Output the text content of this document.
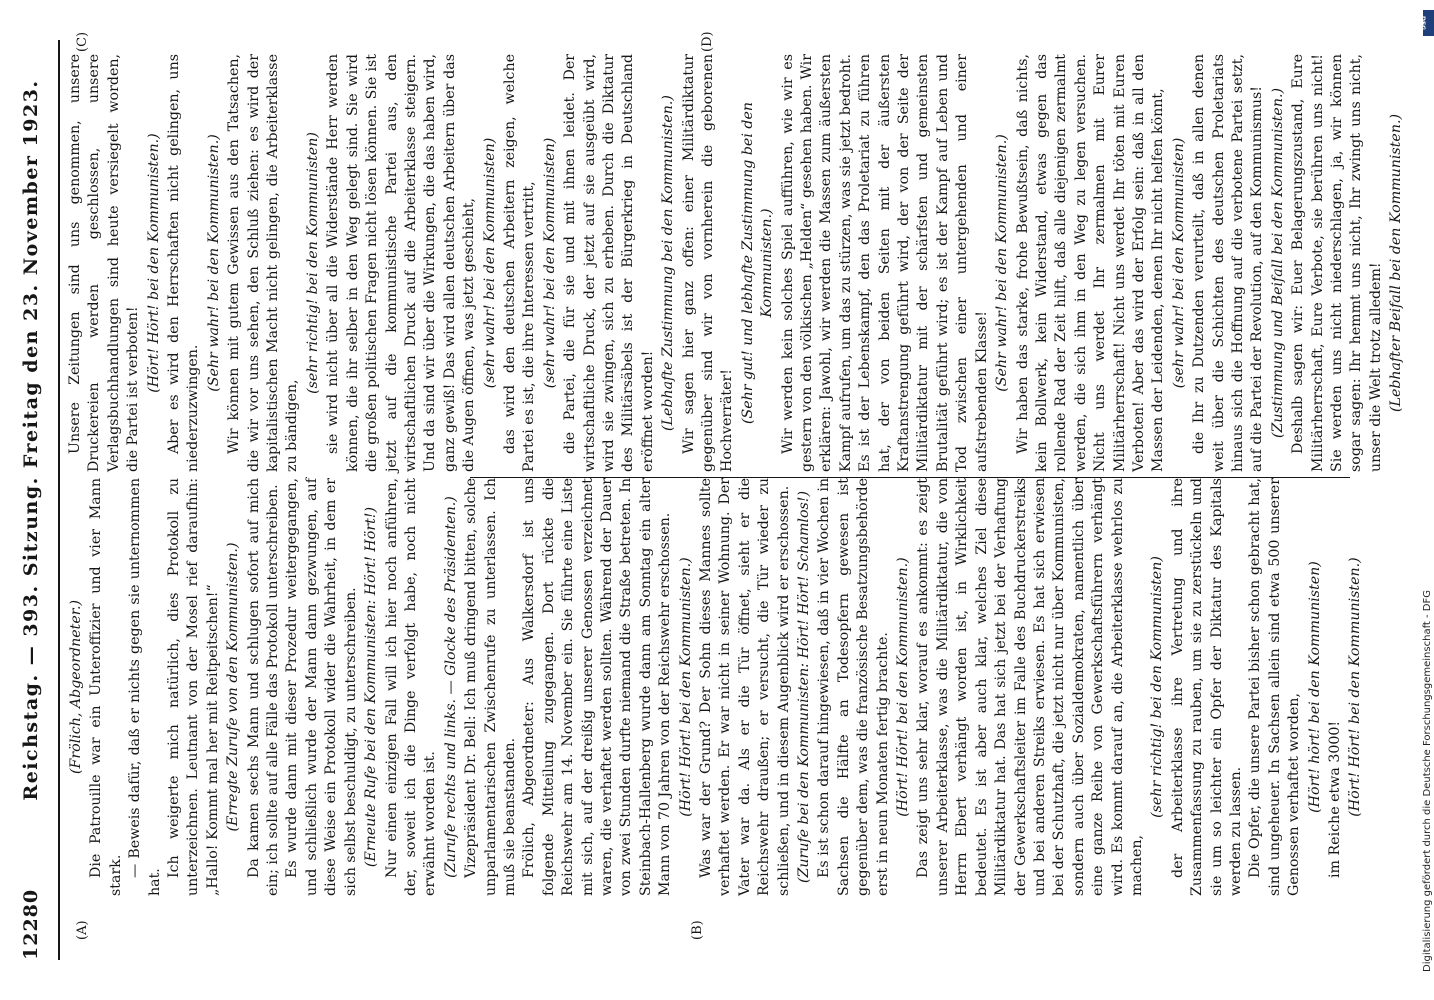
12280
Reichstag. — 393. Sitzung. Freitag den 23. November 1923.
(A)	(B)
(C)	(D)

(Frölich, Abgeordneter.) Die Patrouille war ein Unteroffizier und vier Mann stark. — Beweis dafür, daß er nichts gegen sie unternommen hat.

Ich weigerte mich natürlich, dies Protokoll zu unterzeichnen. Leutnant von der Mosel rief daraufhin: „Hallo! Kommt mal her mit Reitpeitschen!“ (Erregte Zurufe von den Kommunisten.) Da kamen sechs Mann und schlugen sofort auf mich ein; ich sollte auf alle Fälle das Protokoll unterschreiben. Es wurde dann mit dieser Prozedur weitergegangen, und schließlich wurde der Mann dann gezwungen, auf diese Weise ein Protokoll wider die Wahrheit, in dem er sich selbst beschuldigt, zu unterschreiben. (Erneute Rufe bei den Kommunisten: Hört! Hört!) Nur einen einzigen Fall will ich hier noch anführen, der, soweit ich die Dinge verfolgt habe, noch nicht erwähnt worden ist. (Zurufe rechts und links. — Glocke des Präsidenten.) Vizepräsident Dr. Bell: Ich muß dringend bitten, solche unparlamentarischen Zwischenrufe zu unterlassen. Ich muß sie beanstanden. Frölich, Abgeordneter: Aus Walkersdorf ist uns folgende Mitteilung zugegangen. Dort rückte die Reichswehr am 14. November ein. Sie führte eine Liste mit sich, auf der dreißig unserer Genossen verzeichnet waren, die verhaftet werden sollten. Während der Dauer von zwei Stunden durfte niemand die Straße betreten. In Steinbach-Hallenberg wurde dann am Sonntag ein alter Mann von 70 Jahren von der Reichswehr erschossen. (Hört! Hört! bei den Kommunisten.) Was war der Grund? Der Sohn dieses Mannes sollte verhaftet werden. Er war nicht in seiner Wohnung. Der Vater war da. Als er die Tür öffnet, sieht er die Reichswehr draußen; er versucht, die Tür wieder zu schließen, und in diesem Augenblick wird er erschossen. (Zurufe bei den Kommunisten: Hört! Hört! Schamlos!) Es ist schon darauf hingewiesen, daß in vier Wochen in Sachsen die Hälfte an Todesopfern gewesen ist gegenüber dem, was die französische Besatzungsbehörde erst in neun Monaten fertig brachte. (Hört! Hört! bei den Kommunisten.) Das zeigt uns sehr klar, worauf es ankommt: es zeigt unserer Arbeiterklasse, was die Militärdiktatur, die von Herrn Ebert verhängt worden ist, in Wirklichkeit bedeutet. Es ist aber auch klar, welches Ziel diese Militärdiktatur hat. Das hat sich jetzt bei der Verhaftung der Gewerkschaftsleiter im Falle des Buchdruckerstreiks und bei anderen Streiks erwiesen. Es hat sich erwiesen bei der Schutzhaft, die jetzt nicht nur über Kommunisten, sondern auch über Sozialdemokraten, namentlich über eine ganze Reihe von Gewerkschaftsführern verhängt wird. Es kommt darauf an, die Arbeiterklasse wehrlos zu machen,

(sehr richtig! bei den Kommunisten) der Arbeiterklasse ihre Vertretung und ihre Zusammenfassung zu rauben, um sie zu zerstückeln und sie um so leichter ein Opfer der Diktatur des Kapitals werden zu lassen. Die Opfer, die unsere Partei bisher schon gebracht hat, sind ungeheuer. In Sachsen allein sind etwa 500 unserer Genossen verhaftet worden, (Hört! hört! bei den Kommunisten) im Reiche etwa 3000! (Hört! Hört! bei den Kommunisten.)

Unsere Zeitungen sind uns genommen, unsere Druckereien werden geschlossen, unsere Verlagsbuchhandlungen sind heute versiegelt worden, die Partei ist verboten! (Hört! Hört! bei den Kommunisten.) Aber es wird den Herrschaften nicht gelingen, uns niederzuzwingen.

(Sehr wahr! bei den Kommunisten.) Wir können mit gutem Gewissen aus den Tatsachen, die wir vor uns sehen, den Schluß ziehen: es wird der kapitalistischen Macht nicht gelingen, die Arbeiterklasse zu bändigen,

(sehr richtig! bei den Kommunisten) sie wird nicht über all die Widerstände Herr werden können, die ihr selber in den Weg gelegt sind. Sie wird die großen politischen Fragen nicht lösen können. Sie ist jetzt auf die kommunistische Partei aus, den wirtschaftlichen Druck auf die Arbeiterklasse steigern. Und da sind wir über die Wirkungen, die das haben wird, ganz gewiß! Das wird allen deutschen Arbeitern über das die Augen öffnen, was jetzt geschieht, (sehr wahr! bei den Kommunisten) das wird den deutschen Arbeitern zeigen, welche Partei es ist, die ihre Interessen vertritt, (sehr wahr! bei den Kommunisten) die Partei, die für sie und mit ihnen leidet. Der wirtschaftliche Druck, der jetzt auf sie ausgeübt wird, wird sie zwingen, sich zu erheben. Durch die Diktatur des Militärsäbels ist der Bürgerkrieg in Deutschland eröffnet worden! (Lebhafte Zustimmung bei den Kommunisten.) Wir sagen hier ganz offen: einer Militärdiktatur gegenüber sind wir von vornherein die geborenen Hochverräter! (Sehr gut! und lebhafte Zustimmung bei den Kommunisten.) Wir werden kein solches Spiel aufführen, wie wir es gestern von den völkischen „Helden“ gesehen haben. Wir erklären: Jawohl, wir werden die Massen zum äußersten Kampf aufrufen, um das zu stürzen, was sie jetzt bedroht. Es ist der Lebenskampf, den das Proletariat zu führen hat, der von beiden Seiten mit der äußersten Kraftanstrengung geführt wird, der von der Seite der Militärdiktatur mit der schärfsten und gemeinsten Brutalität geführt wird; es ist der Kampf auf Leben und Tod zwischen einer untergehenden und einer aufstrebenden Klasse! (Sehr wahr! bei den Kommunisten.) Wir haben das starke, frohe Bewußtsein, daß nichts, kein Bollwerk, kein Widerstand, etwas gegen das rollende Rad der Zeit hilft, daß alle diejenigen zermalmt werden, die sich ihm in den Weg zu legen versuchen. Nicht uns werdet Ihr zermalmen mit Eurer Militärherrschaft! Nicht uns werdet Ihr töten mit Euren Verboten! Aber das wird der Erfolg sein: daß in all den Massen der Leidenden, denen Ihr nicht helfen könnt, (sehr wahr! bei den Kommunisten) die Ihr zu Dutzenden verurteilt, daß in allen denen weit über die Schichten des deutschen Proletariats hinaus sich die Hoffnung auf die verbotene Partei setzt, auf die Partei der Revolution, auf den Kommunismus! (Zustimmung und Beifall bei den Kommunisten.) Deshalb sagen wir: Euer Belagerungszustand, Eure Militärherrschaft, Eure Verbote, sie berühren uns nicht! Sie werden uns nicht niederschlagen, ja, wir können sogar sagen: Ihr hemmt uns nicht, Ihr zwingt uns nicht, unser die Welt trotz alledem! (Lebhafter Beifall bei den Kommunisten.)

Digitalisierung gefördert durch die Deutsche Forschungsgemeinschaft - DFG
DFG
